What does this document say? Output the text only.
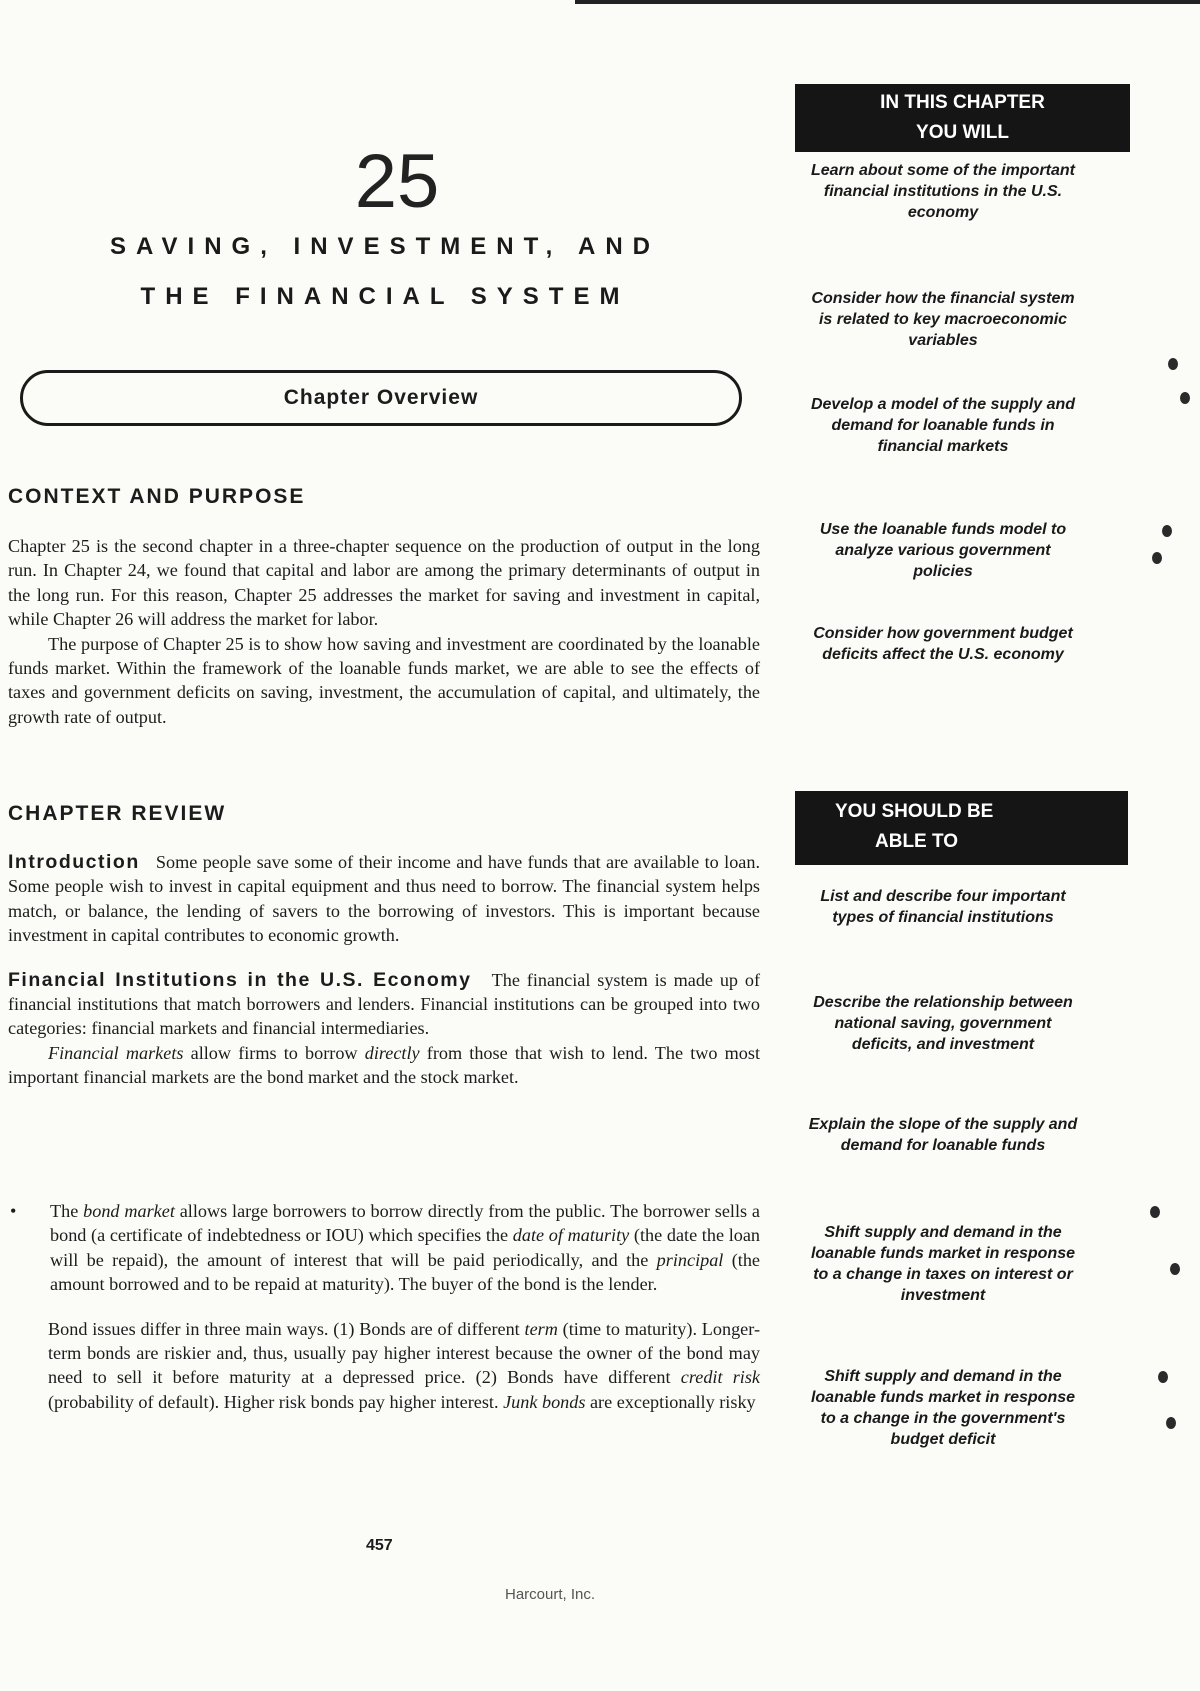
25
SAVING, INVESTMENT, AND
THE FINANCIAL SYSTEM
Chapter Overview
CONTEXT AND PURPOSE

Chapter 25 is the second chapter in a three-chapter sequence on the production of output in the long run. In Chapter 24, we found that capital and labor are among the primary determinants of output in the long run. For this reason, Chapter 25 addresses the market for saving and investment in capital, while Chapter 26 will address the market for labor.

The purpose of Chapter 25 is to show how saving and investment are coordinated by the loanable funds market. Within the framework of the loanable funds market, we are able to see the effects of taxes and government deficits on saving, investment, the accumulation of capital, and ultimately, the growth rate of output.

CHAPTER REVIEW

Introduction Some people save some of their income and have funds that are available to loan. Some people wish to invest in capital equipment and thus need to borrow. The financial system helps match, or balance, the lending of savers to the borrowing of investors. This is important because investment in capital contributes to economic growth.

Financial Institutions in the U.S. Economy The financial system is made up of financial institutions that match borrowers and lenders. Financial institutions can be grouped into two categories: financial markets and financial intermediaries.

Financial markets allow firms to borrow directly from those that wish to lend. The two most important financial markets are the bond market and the stock market.

•	The bond market allows large borrowers to borrow directly from the public. The borrower sells a bond (a certificate of indebtedness or IOU) which specifies the date of maturity (the date the loan will be repaid), the amount of interest that will be paid periodically, and the principal (the amount borrowed and to be repaid at maturity). The buyer of the bond is the lender.

Bond issues differ in three main ways. (1) Bonds are of different term (time to maturity). Longer-term bonds are riskier and, thus, usually pay higher interest because the owner of the bond may need to sell it before maturity at a depressed price. (2) Bonds have different credit risk (probability of default). Higher risk bonds pay higher interest. Junk bonds are exceptionally risky

457
Harcourt, Inc.
IN THIS CHAPTER
YOU WILL
Learn about some of the important financial institutions in the U.S. economy
Consider how the financial system is related to key macroeconomic variables
Develop a model of the supply and demand for loanable funds in financial markets
Use the loanable funds model to analyze various government policies
Consider how government budget deficits affect the U.S. economy
YOU SHOULD BE
ABLE TO
List and describe four important types of financial institutions
Describe the relationship between national saving, government deficits, and investment
Explain the slope of the supply and demand for loanable funds
Shift supply and demand in the loanable funds market in response to a change in taxes on interest or investment
Shift supply and demand in the loanable funds market in response to a change in the government's budget deficit
